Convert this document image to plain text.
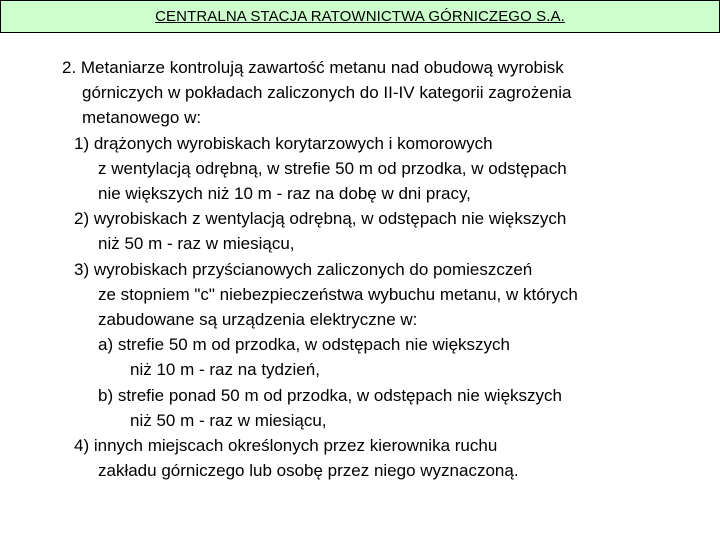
CENTRALNA STACJA RATOWNICTWA GÓRNICZEGO S.A.
2. Metaniarze kontrolują zawartość metanu nad obudową wyrobisk
górniczych w pokładach zaliczonych do II-IV kategorii zagrożenia
metanowego w:
1) drążonych wyrobiskach korytarzowych i komorowych
z wentylacją odrębną, w strefie 50 m od przodka, w odstępach
nie większych niż 10 m - raz na dobę w dni pracy,
2) wyrobiskach z wentylacją odrębną, w odstępach nie większych
niż 50 m - raz w miesiącu,
3) wyrobiskach przyścianowych zaliczonych do pomieszczeń
ze stopniem "c" niebezpieczeństwa wybuchu metanu, w których
zabudowane są urządzenia elektryczne w:
a) strefie 50 m od przodka, w odstępach nie większych
niż 10 m - raz na tydzień,
b) strefie ponad 50 m od przodka, w odstępach nie większych
niż 50 m - raz w miesiącu,
4) innych miejscach określonych przez kierownika ruchu
zakładu górniczego lub osobę przez niego wyznaczoną.
